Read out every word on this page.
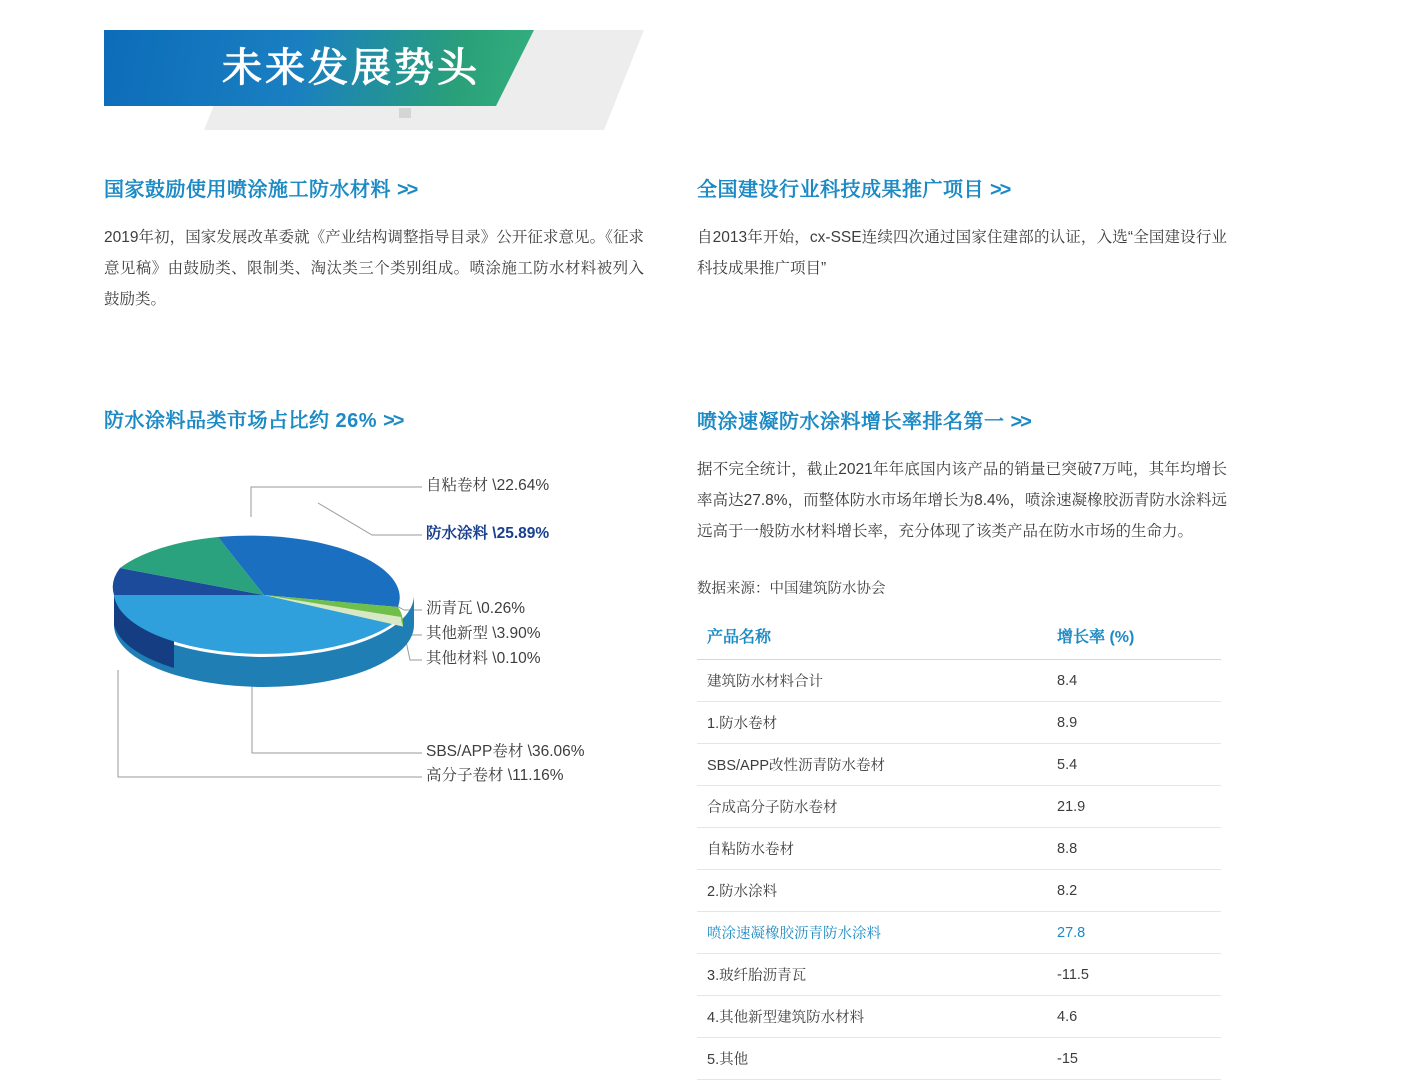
未来发展势头
国家鼓励使用喷涂施工防水材料 >>

2019年初，国家发展改革委就《产业结构调整指导目录》公开征求意见。《征求意见稿》由鼓励类、限制类、淘汰类三个类别组成。喷涂施工防水材料被列入鼓励类。

防水涂料品类市场占比约 26% >>
自粘卷材 \22.64%
防水涂料 \25.89%
沥青瓦 \0.26%
其他新型 \3.90%
其他材料 \0.10%
SBS/APP卷材 \36.06%
高分子卷材 \11.16%
全国建设行业科技成果推广项目 >>

自2013年开始，cx-SSE连续四次通过国家住建部的认证，入选“全国建设行业科技成果推广项目”

喷涂速凝防水涂料增长率排名第一 >>

据不完全统计，截止2021年年底国内该产品的销量已突破7万吨，其年均增长率高达27.8%，而整体防水市场年增长为8.4%，喷涂速凝橡胶沥青防水涂料远远高于一般防水材料增长率，充分体现了该类产品在防水市场的生命力。

数据来源：中国建筑防水协会

产品名称	增长率 (%)
建筑防水材料合计	8.4
1.防水卷材	8.9
SBS/APP改性沥青防水卷材	5.4
合成高分子防水卷材	21.9
自粘防水卷材	8.8
2.防水涂料	8.2
喷涂速凝橡胶沥青防水涂料	27.8
3.玻纤胎沥青瓦	-11.5
4.其他新型建筑防水材料	4.6
5.其他	-15
